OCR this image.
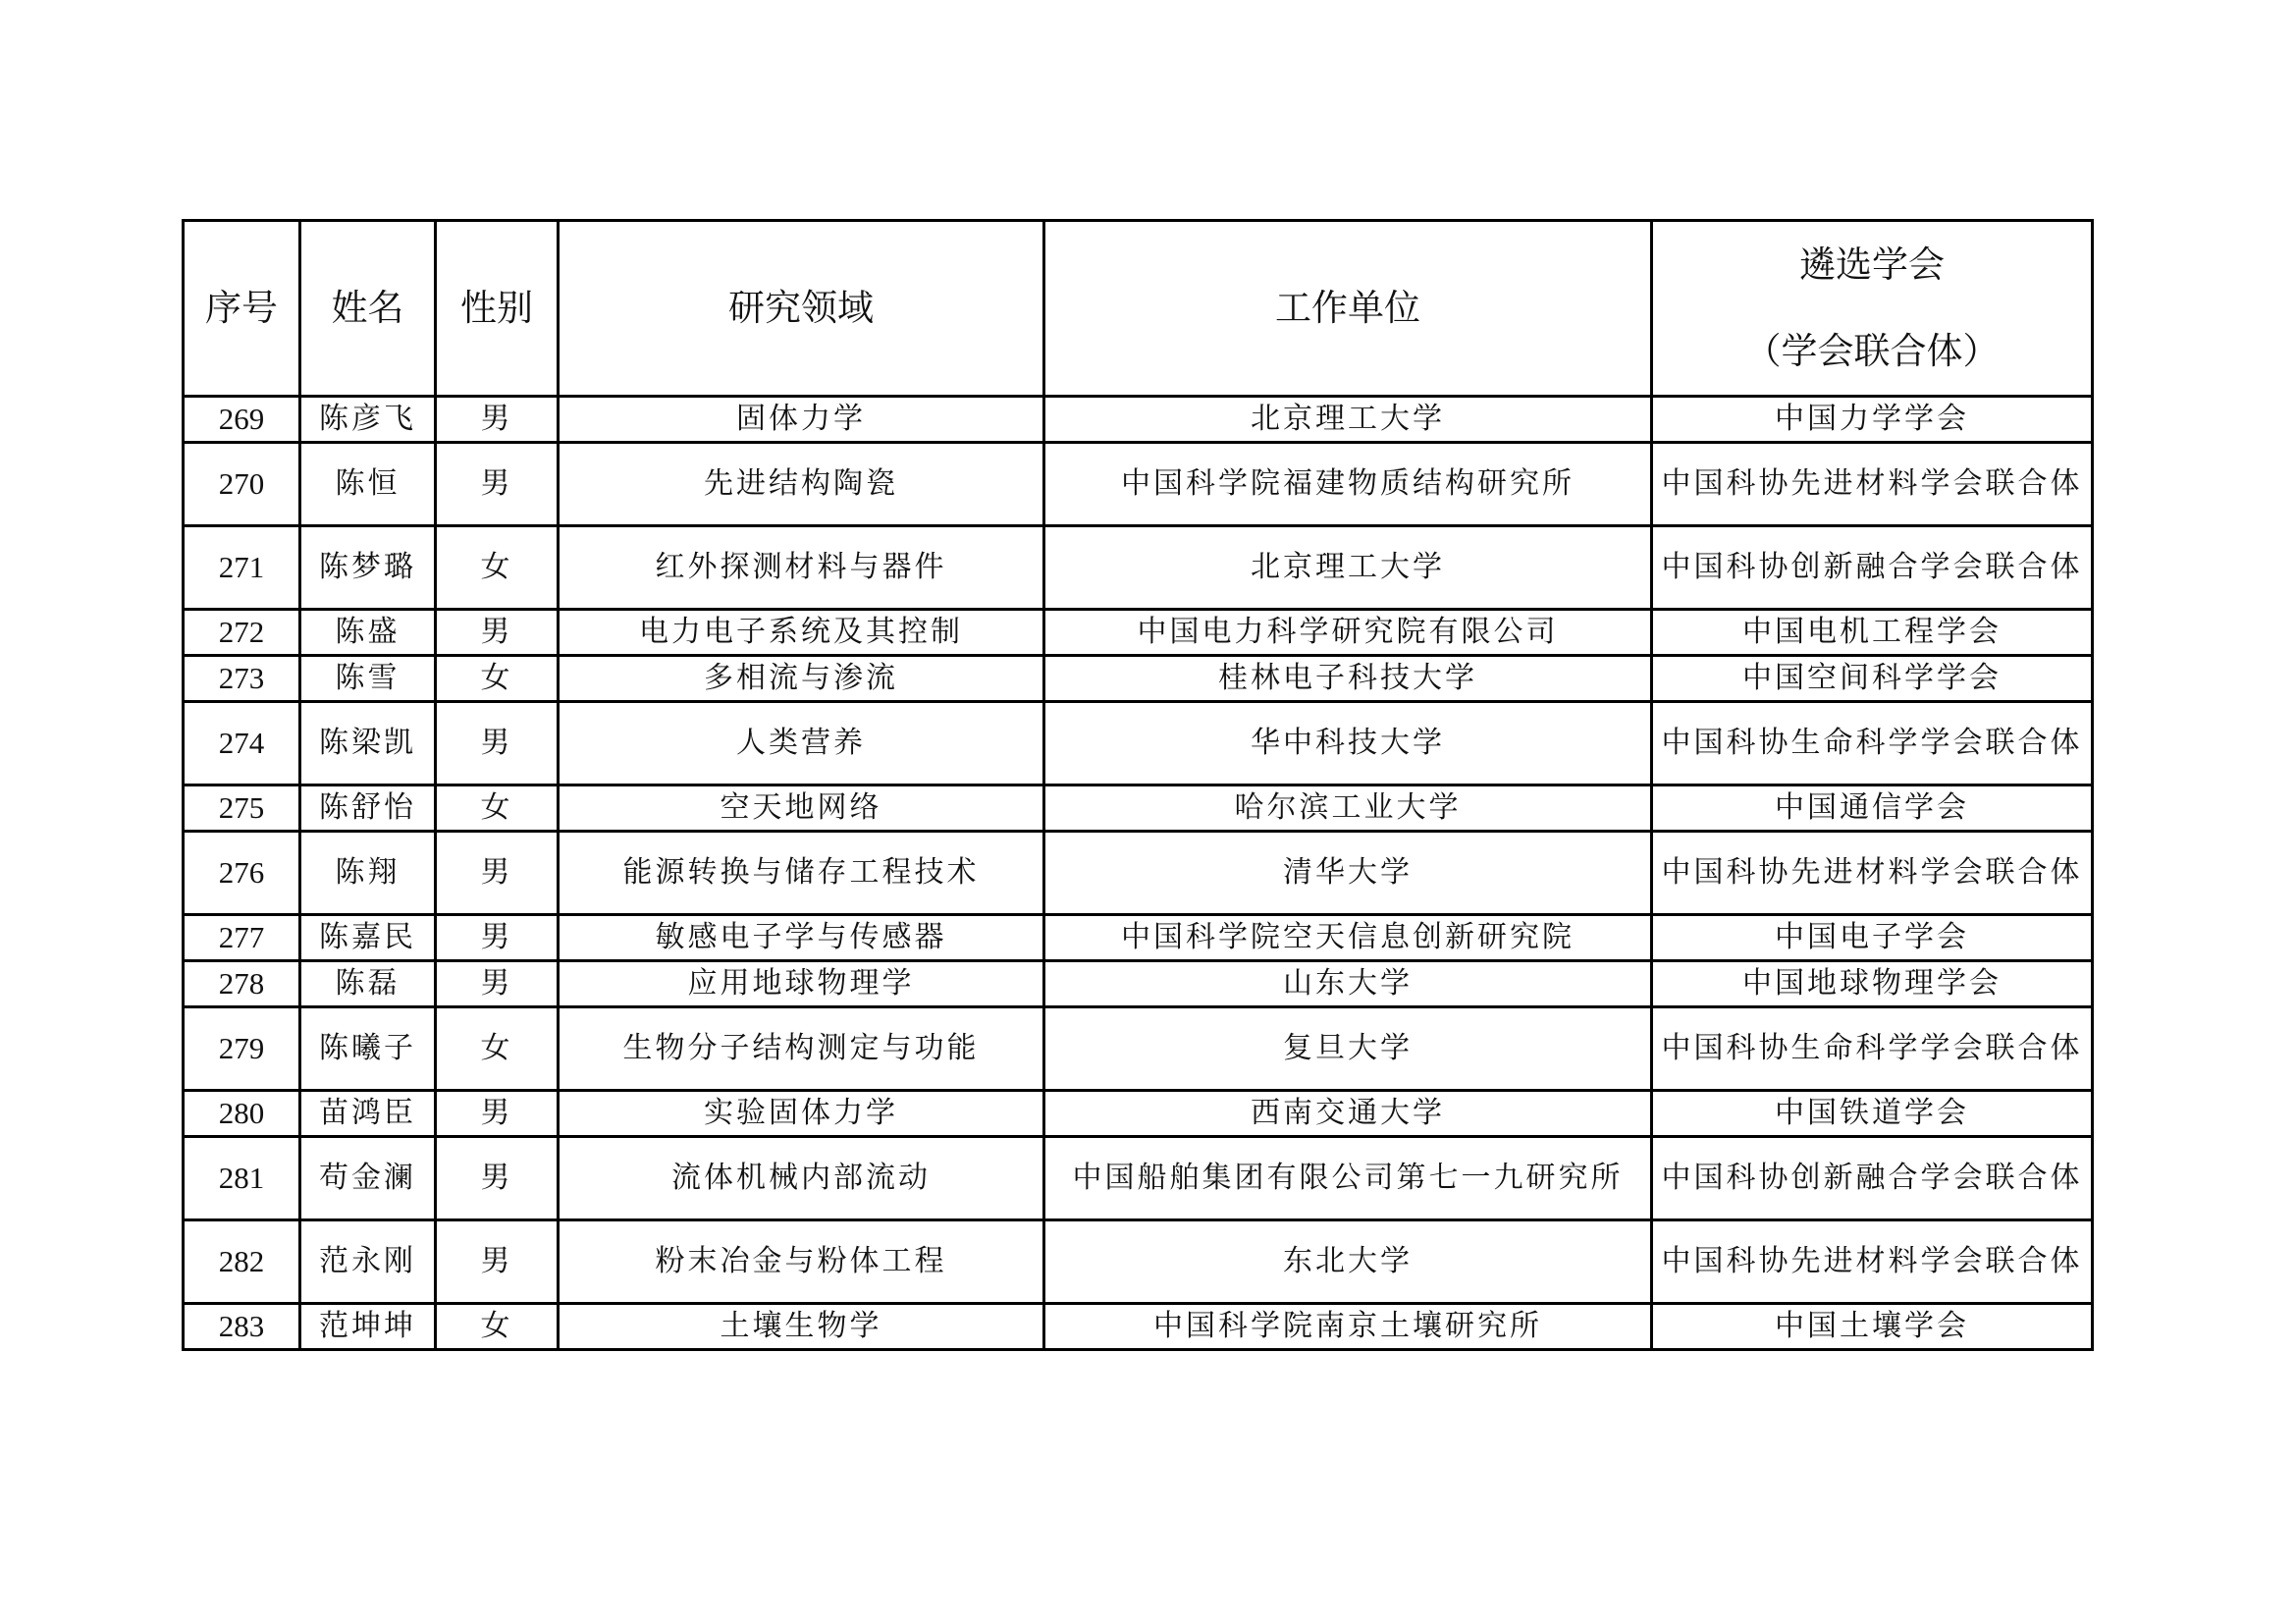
序号	姓名	性别	研究领域	工作单位	遴选学会
（学会联合体）

269	陈彦飞	男	固体力学	北京理工大学	中国力学学会
270	陈恒	男	先进结构陶瓷	中国科学院福建物质结构研究所	中国科协先进材料学会联合体
271	陈梦璐	女	红外探测材料与器件	北京理工大学	中国科协创新融合学会联合体
272	陈盛	男	电力电子系统及其控制	中国电力科学研究院有限公司	中国电机工程学会
273	陈雪	女	多相流与渗流	桂林电子科技大学	中国空间科学学会
274	陈梁凯	男	人类营养	华中科技大学	中国科协生命科学学会联合体
275	陈舒怡	女	空天地网络	哈尔滨工业大学	中国通信学会
276	陈翔	男	能源转换与储存工程技术	清华大学	中国科协先进材料学会联合体
277	陈嘉民	男	敏感电子学与传感器	中国科学院空天信息创新研究院	中国电子学会
278	陈磊	男	应用地球物理学	山东大学	中国地球物理学会
279	陈曦子	女	生物分子结构测定与功能	复旦大学	中国科协生命科学学会联合体
280	苗鸿臣	男	实验固体力学	西南交通大学	中国铁道学会
281	苟金澜	男	流体机械内部流动	中国船舶集团有限公司第七一九研究所	中国科协创新融合学会联合体
282	范永刚	男	粉末冶金与粉体工程	东北大学	中国科协先进材料学会联合体
283	范坤坤	女	土壤生物学	中国科学院南京土壤研究所	中国土壤学会
